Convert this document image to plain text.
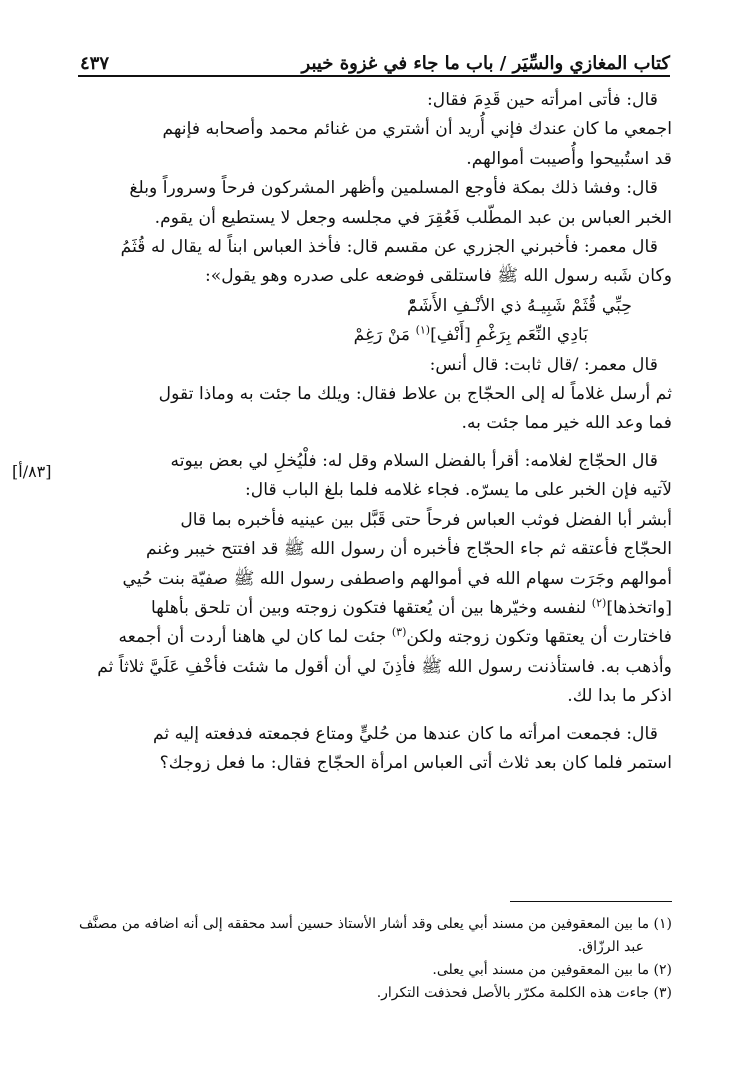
كتاب المغازي والسِّيَر / باب ما جاء في غزوة خيبر
٤٣٧
[٨٣/أ]

قال: فأتى امرأته حين قَدِمَ فقال:

اجمعي ما كان عندك فإني أُريد أن أشتري من غنائم محمد وأصحابه فإنهم

قد استُبيحوا وأُصيبت أموالهم.

قال: وفشا ذلك بمكة فأوجع المسلمين وأظهر المشركون فرحاً وسروراً وبلغ

الخبر العباس بن عبد المطّلب فَعُقِرَ في مجلسه وجعل لا يستطيع أن يقوم.

قال معمر: فأخبرني الجزري عن مقسم قال: فأخذ العباس ابناً له يقال له قُثَمُ

وكان شَبه رسول الله ﷺ فاستلقى فوضعه على صدره وهو يقول»:

حِبِّي قُثَمْ شَبِيـهُ ذي الأنْـفِ الأَشَمّْ

بَادِي النِّعَم بِرَغْمِ [أَنْفِ]$^{(١)}$ مَنْ رَغِمْ

قال معمر: /قال ثابت: قال أنس:

ثم أرسل غلاماً له إلى الحجّاج بن علاط فقال: ويلك ما جئت به وماذا تقول

فما وعد الله خير مما جئت به.

قال الحجّاج لغلامه: أقرأ بالفضل السلام وقل له: فلْيُخلِ لي بعض بيوته

لآتيه فإن الخبر على ما يسرّه. فجاء غلامه فلما بلغ الباب قال:

أبشر أبا الفضل فوثب العباس فرحاً حتى قَبَّل بين عينيه فأخبره بما قال

الحجّاج فأعتقه ثم جاء الحجّاج فأخبره أن رسول الله ﷺ قد افتتح خيبر وغنم

أموالهم وجَرَت سهام الله في أموالهم واصطفى رسول الله ﷺ صفيّة بنت حُيي

[واتخذها]$^{(٢)}$ لنفسه وخيّرها بين أن يُعتقها فتكون زوجته وبين أن تلحق بأهلها

فاختارت أن يعتقها وتكون زوجته ولكن$^{(٣)}$ جئت لما كان لي هاهنا أردت أن أجمعه

وأذهب به. فاستأذنت رسول الله ﷺ فأذِنَ لي أن أقول ما شئت فأخْفِ عَلَيَّ ثلاثاً ثم

اذكر ما بدا لك.

قال: فجمعت امرأته ما كان عندها من حُليٍّ ومتاع فجمعته فدفعته إليه ثم

استمر فلما كان بعد ثلاث أتى العباس امرأة الحجّاج فقال: ما فعل زوجك؟

(١) ما بين المعقوفين من مسند أبي يعلى وقد أشار الأستاذ حسين أسد محققه إلى أنه اضافه من مصنَّف

عبد الرزّاق.

(٢) ما بين المعقوفين من مسند أبي يعلى.

(٣) جاءت هذه الكلمة مكرّر بالأصل فحذفت التكرار.
